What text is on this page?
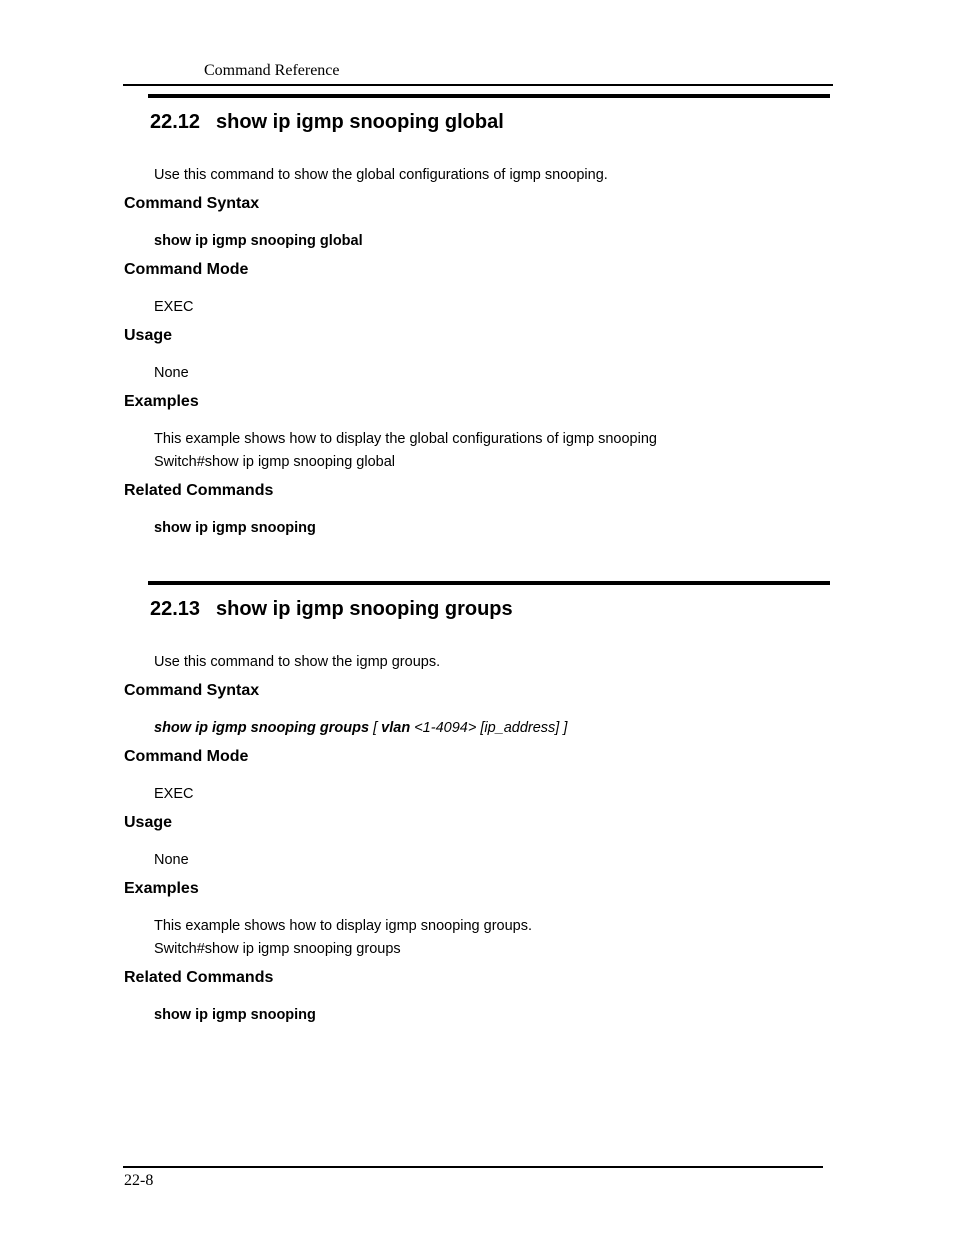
Command Reference
22.12 show ip igmp snooping global
Use this command to show the global configurations of igmp snooping.
Command Syntax
show ip igmp snooping global
Command Mode
EXEC
Usage
None
Examples
This example shows how to display the global configurations of igmp snooping
Switch#show ip igmp snooping global
Related Commands
show ip igmp snooping
22.13 show ip igmp snooping groups
Use this command to show the igmp groups.
Command Syntax
show ip igmp snooping groups [ vlan <1-4094> [ip_address] ]
Command Mode
EXEC
Usage
None
Examples
This example shows how to display igmp snooping groups.
Switch#show ip igmp snooping groups
Related Commands
show ip igmp snooping
22-8
